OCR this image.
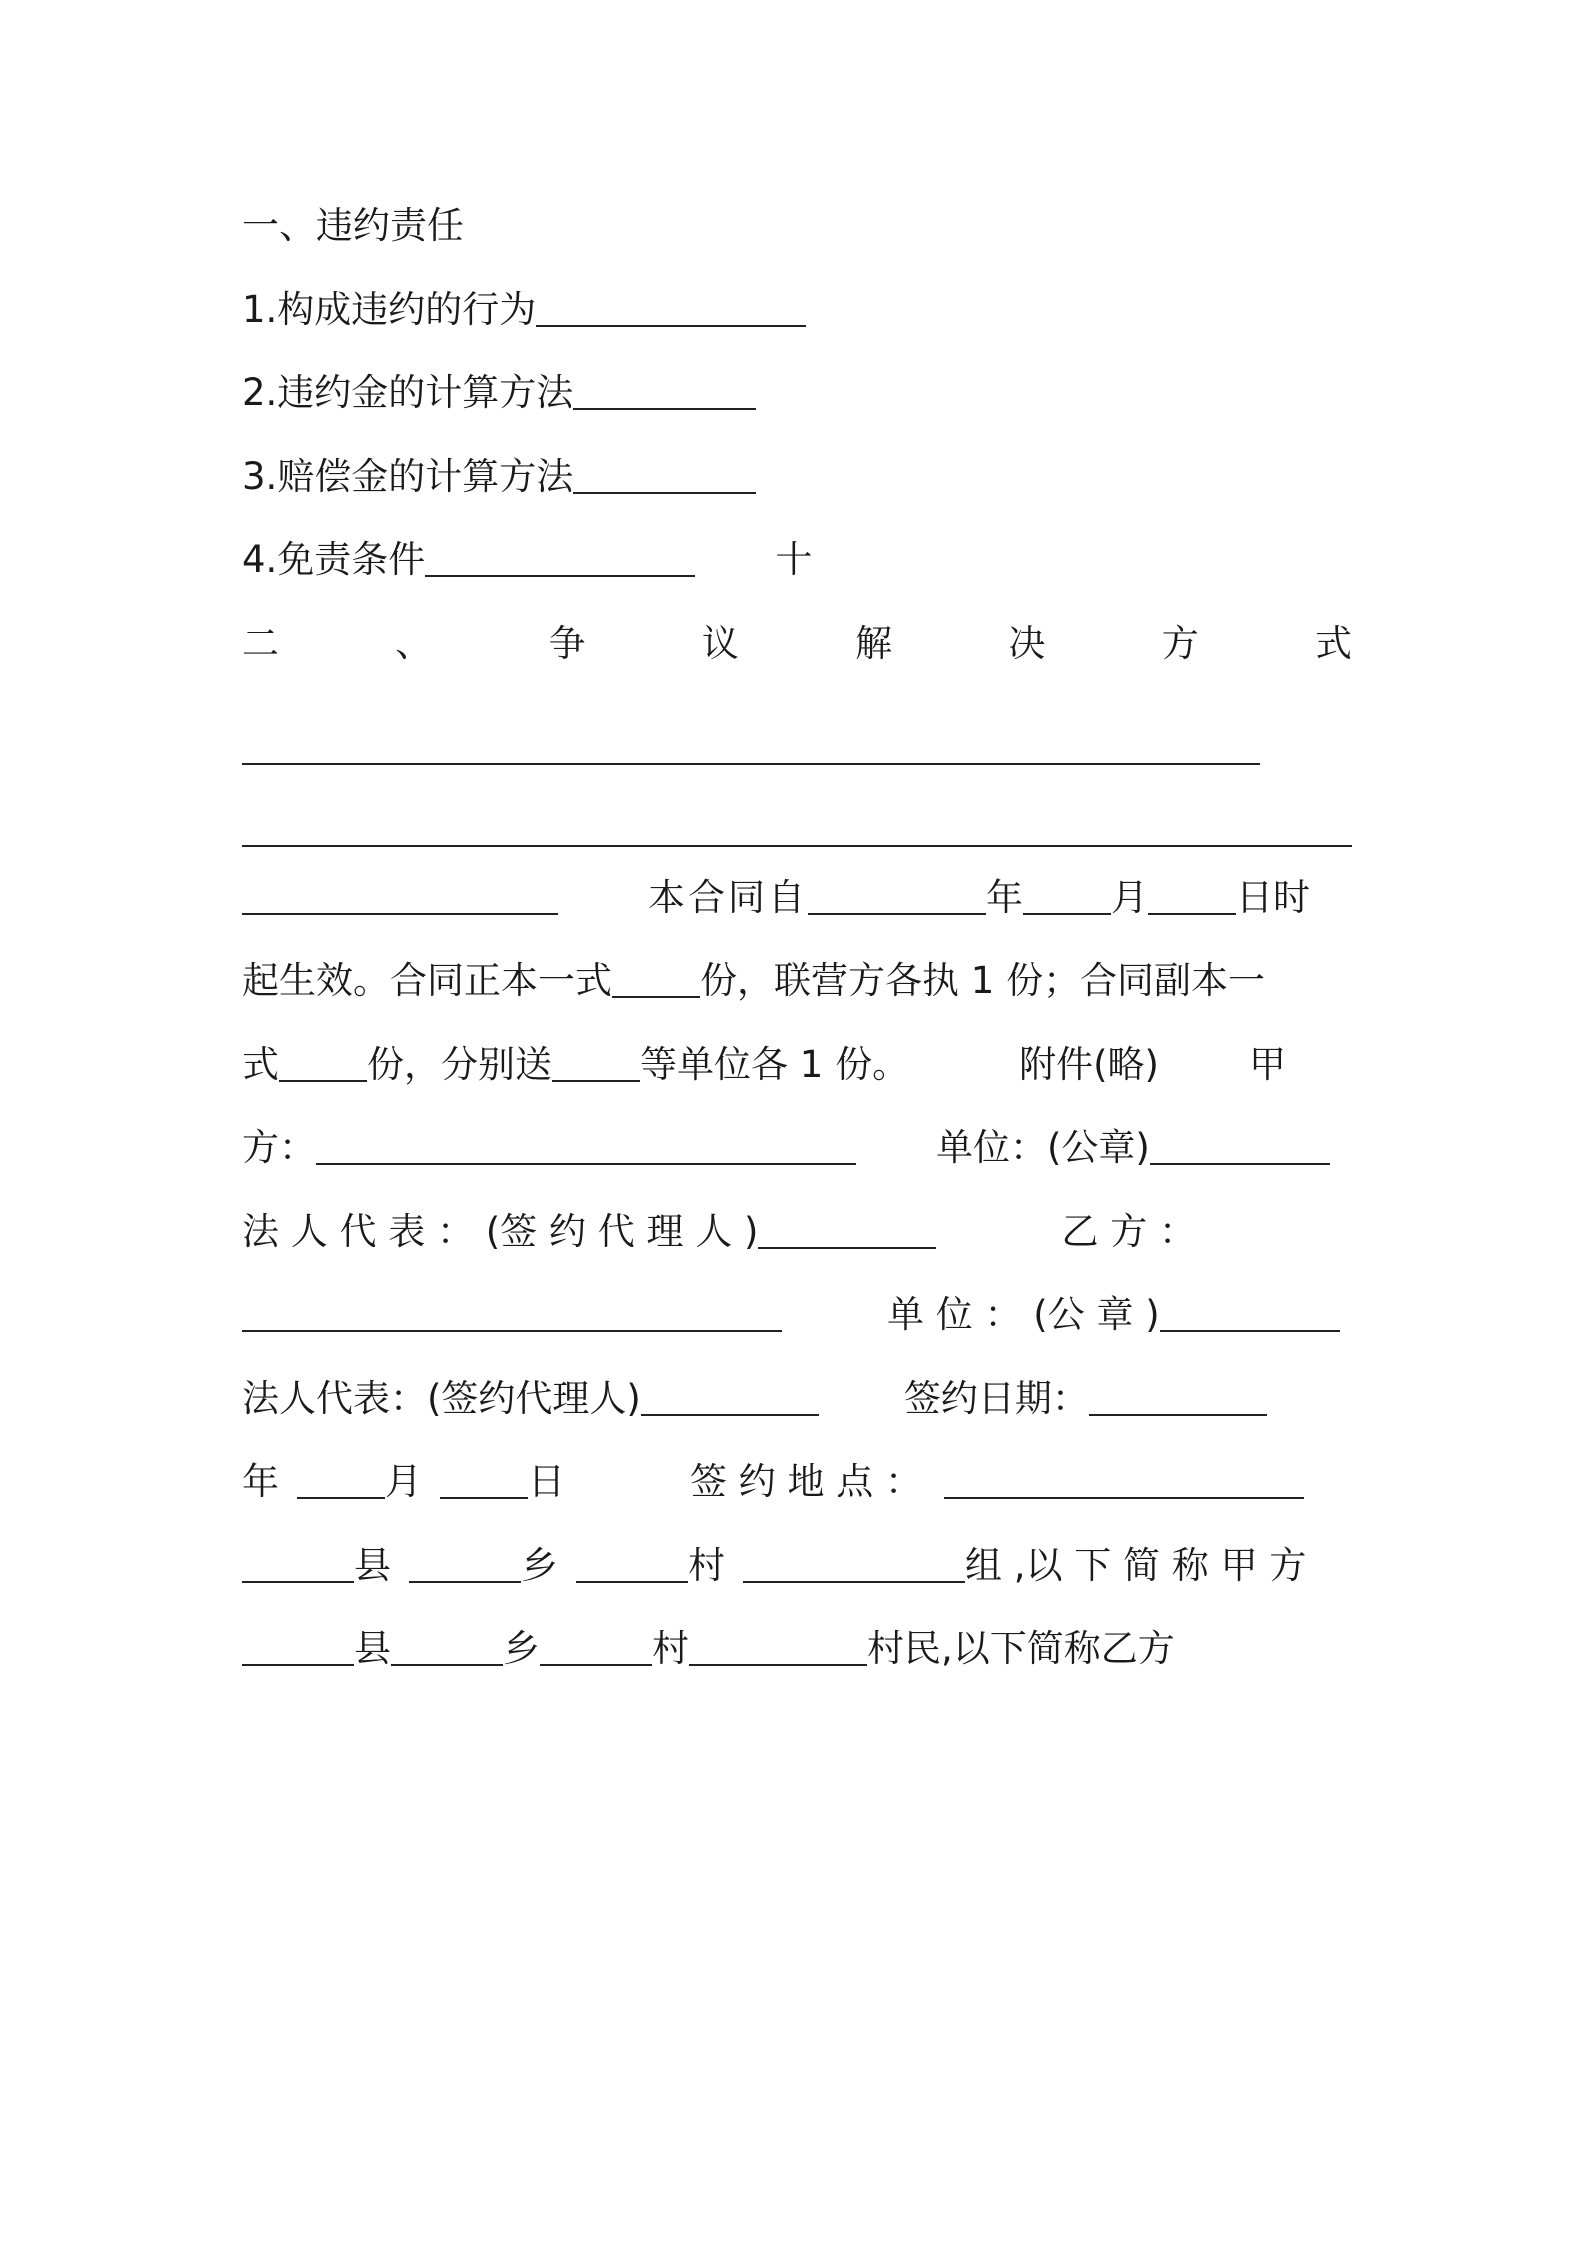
一、违约责任
1.构成违约的行为
2.违约金的计算方法
3.赔偿金的计算方法
4.免责条件	十
二	、	争	议	解	决	方	式
本合同自	年 月 日时
起生效。合同正本一式 份，联营方各执 1 份；合同副本一
式 份，分别送 等单位各 1 份。	附件(略) 甲
方：	单位：(公章)
法 人 代 表 ： (签 约 代 理 人 )	乙 方 ：
单 位 ： (公 章 )
法人代表：(签约代理人)	签约日期：
年	月	日	签 约 地 点 ：
县	乡	村	组 ,以 下 简 称 甲 方
县	乡	村	村民,以下简称乙方
